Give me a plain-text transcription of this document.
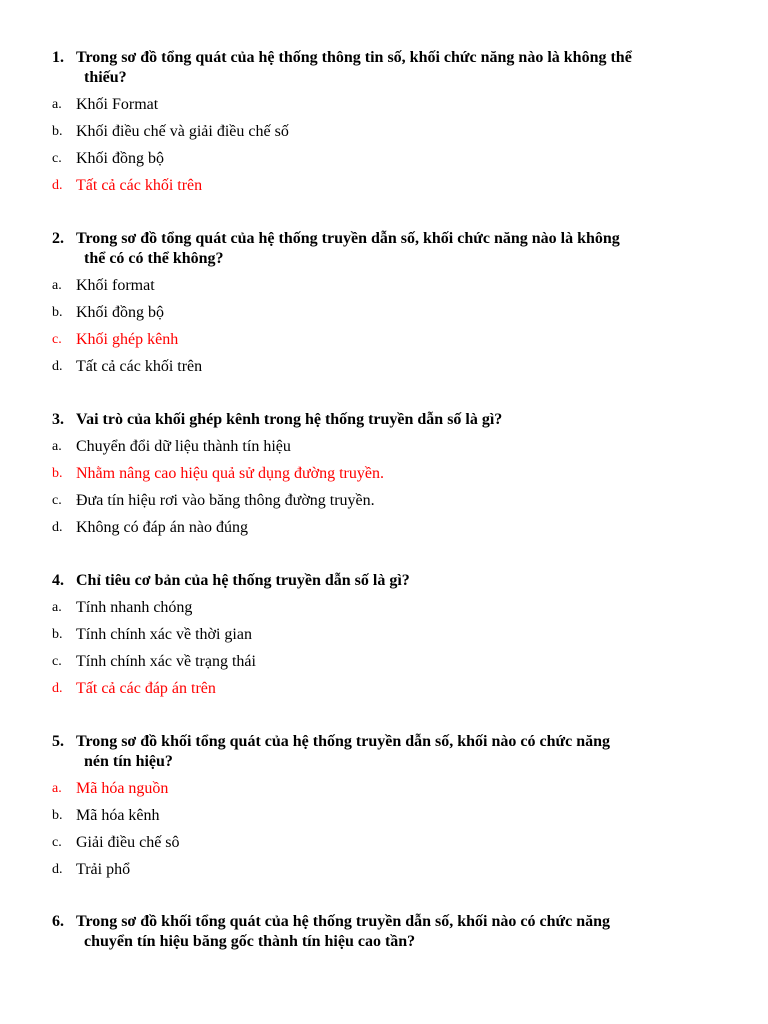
1. Trong sơ đồ tổng quát của hệ thống thông tin số, khối chức năng nào là không thể
thiếu?
a. Khối Format
b. Khối điều chế và giải điều chế số
c. Khối đồng bộ
d. Tất cả các khối trên
2. Trong sơ đồ tổng quát của hệ thống truyền dẫn số, khối chức năng nào là không
thể có có thể không?
a. Khối format
b. Khối đồng bộ
c. Khối ghép kênh
d. Tất cả các khối trên
3. Vai trò của khối ghép kênh trong hệ thống truyền dẫn số là gì?
a. Chuyển đổi dữ liệu thành tín hiệu
b. Nhằm nâng cao hiệu quả sử dụng đường truyền.
c. Đưa tín hiệu rơi vào băng thông đường truyền.
d. Không có đáp án nào đúng
4. Chỉ tiêu cơ bản của hệ thống truyền dẫn số là gì?
a. Tính nhanh chóng
b. Tính chính xác về thời gian
c. Tính chính xác về trạng thái
d. Tất cả các đáp án trên
5. Trong sơ đồ khối tổng quát của hệ thống truyền dẫn số, khối nào có chức năng
nén tín hiệu?
a. Mã hóa nguồn
b. Mã hóa kênh
c. Giải điều chế sô
d. Trải phổ
6. Trong sơ đồ khối tổng quát của hệ thống truyền dẫn số, khối nào có chức năng
chuyển tín hiệu băng gốc thành tín hiệu cao tần?
